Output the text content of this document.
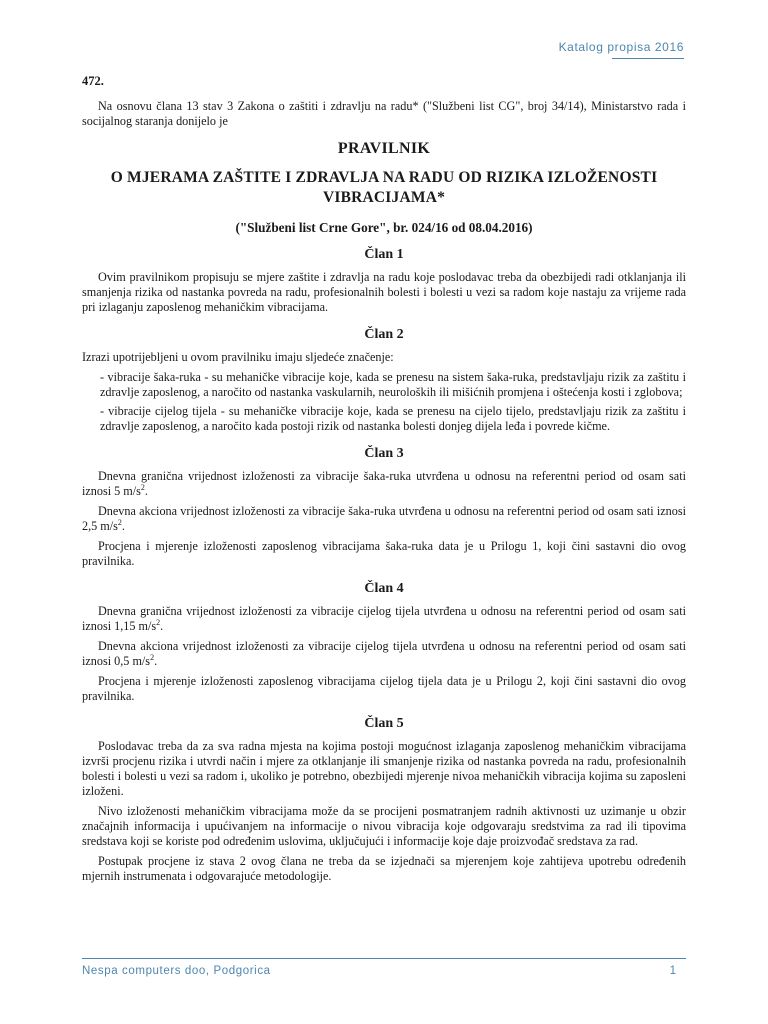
Katalog propisa 2016
472.

Na osnovu člana 13 stav 3 Zakona o zaštiti i zdravlju na radu* ("Službeni list CG", broj 34/14), Ministarstvo rada i socijalnog staranja donijelo je

PRAVILNIK
O MJERAMA ZAŠTITE I ZDRAVLJA NA RADU OD RIZIKA IZLOŽENOSTI VIBRACIJAMA*
("Službeni list Crne Gore", br. 024/16 od 08.04.2016)
Član 1

Ovim pravilnikom propisuju se mjere zaštite i zdravlja na radu koje poslodavac treba da obezbijedi radi otklanjanja ili smanjenja rizika od nastanka povreda na radu, profesionalnih bolesti i bolesti u vezi sa radom koje nastaju za vrijeme rada pri izlaganju zaposlenog mehaničkim vibracijama.

Član 2

Izrazi upotrijebljeni u ovom pravilniku imaju sljedeće značenje:

- vibracije šaka-ruka - su mehaničke vibracije koje, kada se prenesu na sistem šaka-ruka, predstavljaju rizik za zaštitu i zdravlje zaposlenog, a naročito od nastanka vaskularnih, neuroloških ili mišićnih promjena i oštećenja kosti i zglobova;
- vibracije cijelog tijela - su mehaničke vibracije koje, kada se prenesu na cijelo tijelo, predstavljaju rizik za zaštitu i zdravlje zaposlenog, a naročito kada postoji rizik od nastanka bolesti donjeg dijela leđa i povrede kičme.
Član 3

Dnevna granična vrijednost izloženosti za vibracije šaka-ruka utvrđena u odnosu na referentni period od osam sati iznosi 5 $m/s^2$.

Dnevna akciona vrijednost izloženosti za vibracije šaka-ruka utvrđena u odnosu na referentni period od osam sati iznosi 2,5 $m/s^2$.

Procjena i mjerenje izloženosti zaposlenog vibracijama šaka-ruka data je u Prilogu 1, koji čini sastavni dio ovog pravilnika.

Član 4

Dnevna granična vrijednost izloženosti za vibracije cijelog tijela utvrđena u odnosu na referentni period od osam sati iznosi 1,15 $m/s^2$.

Dnevna akciona vrijednost izloženosti za vibracije cijelog tijela utvrđena u odnosu na referentni period od osam sati iznosi 0,5 $m/s^2$.

Procjena i mjerenje izloženosti zaposlenog vibracijama cijelog tijela data je u Prilogu 2, koji čini sastavni dio ovog pravilnika.

Član 5

Poslodavac treba da za sva radna mjesta na kojima postoji mogućnost izlaganja zaposlenog mehaničkim vibracijama izvrši procjenu rizika i utvrdi način i mjere za otklanjanje ili smanjenje rizika od nastanka povreda na radu, profesionalnih bolesti i bolesti u vezi sa radom i, ukoliko je potrebno, obezbijedi mjerenje nivoa mehaničkih vibracija kojima su zaposleni izloženi.

Nivo izloženosti mehaničkim vibracijama može da se procijeni posmatranjem radnih aktivnosti uz uzimanje u obzir značajnih informacija i upućivanjem na informacije o nivou vibracija koje odgovaraju sredstvima za rad ili tipovima sredstava koji se koriste pod određenim uslovima, uključujući i informacije koje daje proizvođač sredstava za rad.

Postupak procjene iz stava 2 ovog člana ne treba da se izjednači sa mjerenjem koje zahtijeva upotrebu određenih mjernih instrumenata i odgovarajuće metodologije.

Nespa computers doo, Podgorica	1
